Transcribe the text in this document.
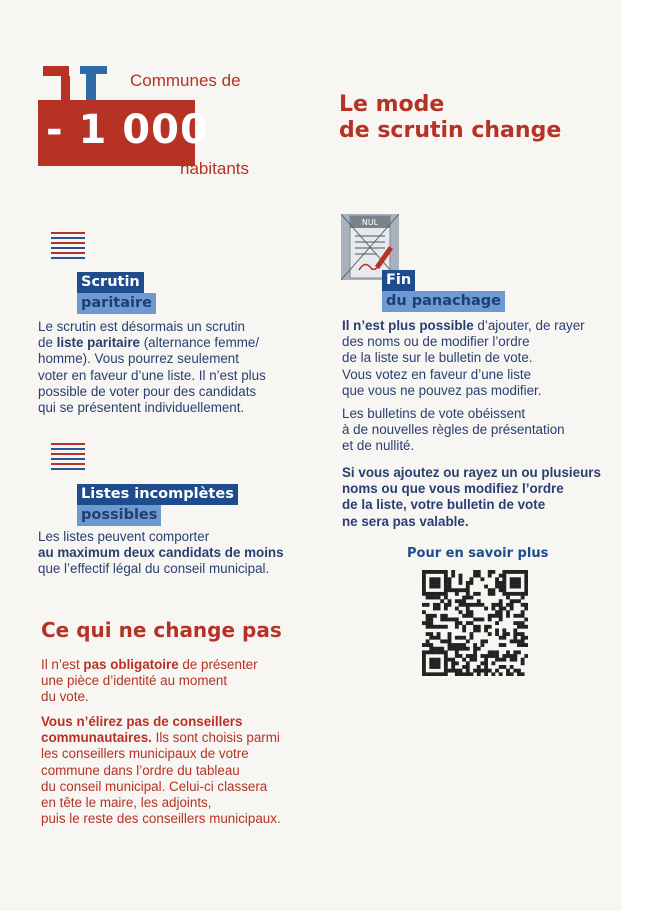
- 1 000
Communes de
habitants
Le mode
de scrutin change
Scrutin
paritaire
Le scrutin est désormais un scrutin
de liste paritaire (alternance femme/
homme). Vous pourrez seulement
voter en faveur d’une liste. Il n’est plus
possible de voter pour des candidats
qui se présentent individuellement.
Listes incomplètes
possibles
Les listes peuvent comporter
au maximum deux candidats de moins
que l’effectif légal du conseil municipal.
Ce qui ne change pas
Il n’est pas obligatoire de présenter
une pièce d’identité au moment
du vote.
Vous n’élirez pas de conseillers
communautaires. Ils sont choisis parmi
les conseillers municipaux de votre
commune dans l’ordre du tableau
du conseil municipal. Celui-ci classera
en tête le maire, les adjoints,
puis le reste des conseillers municipaux.
NUL
Fin
du panachage
Il n’est plus possible d’ajouter, de rayer
des noms ou de modifier l’ordre
de la liste sur le bulletin de vote.
Vous votez en faveur d’une liste
que vous ne pouvez pas modifier.
Les bulletins de vote obéissent
à de nouvelles règles de présentation
et de nullité.
Si vous ajoutez ou rayez un ou plusieurs
noms ou que vous modifiez l’ordre
de la liste, votre bulletin de vote
ne sera pas valable.
Pour en savoir plus
